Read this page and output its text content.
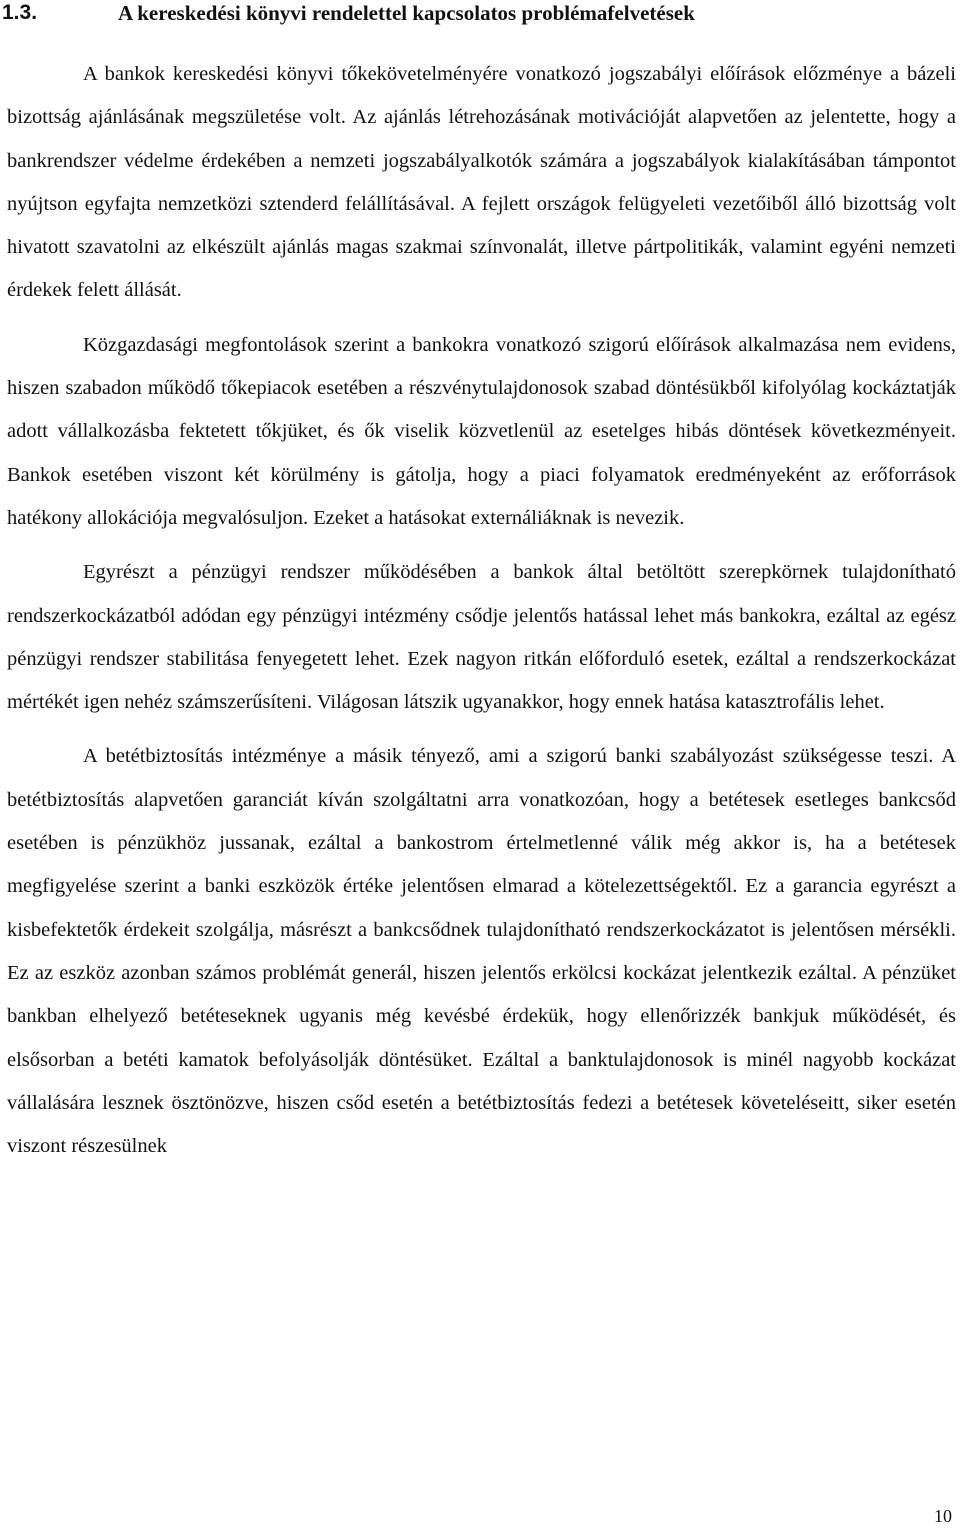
1.3.	A kereskedési könyvi rendelettel kapcsolatos problémafelvetések

A bankok kereskedési könyvi tőkekövetelményére vonatkozó jogszabályi előírások előzménye a bázeli bizottság ajánlásának megszületése volt. Az ajánlás létrehozásának motivációját alapvetően az jelentette, hogy a bankrendszer védelme érdekében a nemzeti jogszabályalkotók számára a jogszabályok kialakításában támpontot nyújtson egyfajta nemzetközi sztenderd felállításával. A fejlett országok felügyeleti vezetőiből álló bizottság volt hivatott szavatolni az elkészült ajánlás magas szakmai színvonalát, illetve pártpolitikák, valamint egyéni nemzeti érdekek felett állását.

Közgazdasági megfontolások szerint a bankokra vonatkozó szigorú előírások alkalmazása nem evidens, hiszen szabadon működő tőkepiacok esetében a részvénytulajdonosok szabad döntésükből kifolyólag kockáztatják adott vállalkozásba fektetett tőkjüket, és ők viselik közvetlenül az esetelges hibás döntések következményeit. Bankok esetében viszont két körülmény is gátolja, hogy a piaci folyamatok eredményeként az erőforrások hatékony allokációja megvalósuljon. Ezeket a hatásokat externáliáknak is nevezik.

Egyrészt a pénzügyi rendszer működésében a bankok által betöltött szerepkörnek tulajdonítható rendszerkockázatból adódan egy pénzügyi intézmény csődje jelentős hatással lehet más bankokra, ezáltal az egész pénzügyi rendszer stabilitása fenyegetett lehet. Ezek nagyon ritkán előforduló esetek, ezáltal a rendszerkockázat mértékét igen nehéz számszerűsíteni. Világosan látszik ugyanakkor, hogy ennek hatása katasztrofális lehet.

A betétbiztosítás intézménye a másik tényező, ami a szigorú banki szabályozást szükségesse teszi. A betétbiztosítás alapvetően garanciát kíván szolgáltatni arra vonatkozóan, hogy a betétesek esetleges bankcsőd esetében is pénzükhöz jussanak, ezáltal a bankostrom értelmetlenné válik még akkor is, ha a betétesek megfigyelése szerint a banki eszközök értéke jelentősen elmarad a kötelezettségektől. Ez a garancia egyrészt a kisbefektetők érdekeit szolgálja, másrészt a bankcsődnek tulajdonítható rendszerkockázatot is jelentősen mérsékli. Ez az eszköz azonban számos problémát generál, hiszen jelentős erkölcsi kockázat jelentkezik ezáltal. A pénzüket bankban elhelyező betéteseknek ugyanis még kevésbé érdekük, hogy ellenőrizzék bankjuk működését, és elsősorban a betéti kamatok befolyásolják döntésüket. Ezáltal a banktulajdonosok is minél nagyobb kockázat vállalására lesznek ösztönözve, hiszen csőd esetén a betétbiztosítás fedezi a betétesek követeléseitt, siker esetén viszont részesülnek

10
